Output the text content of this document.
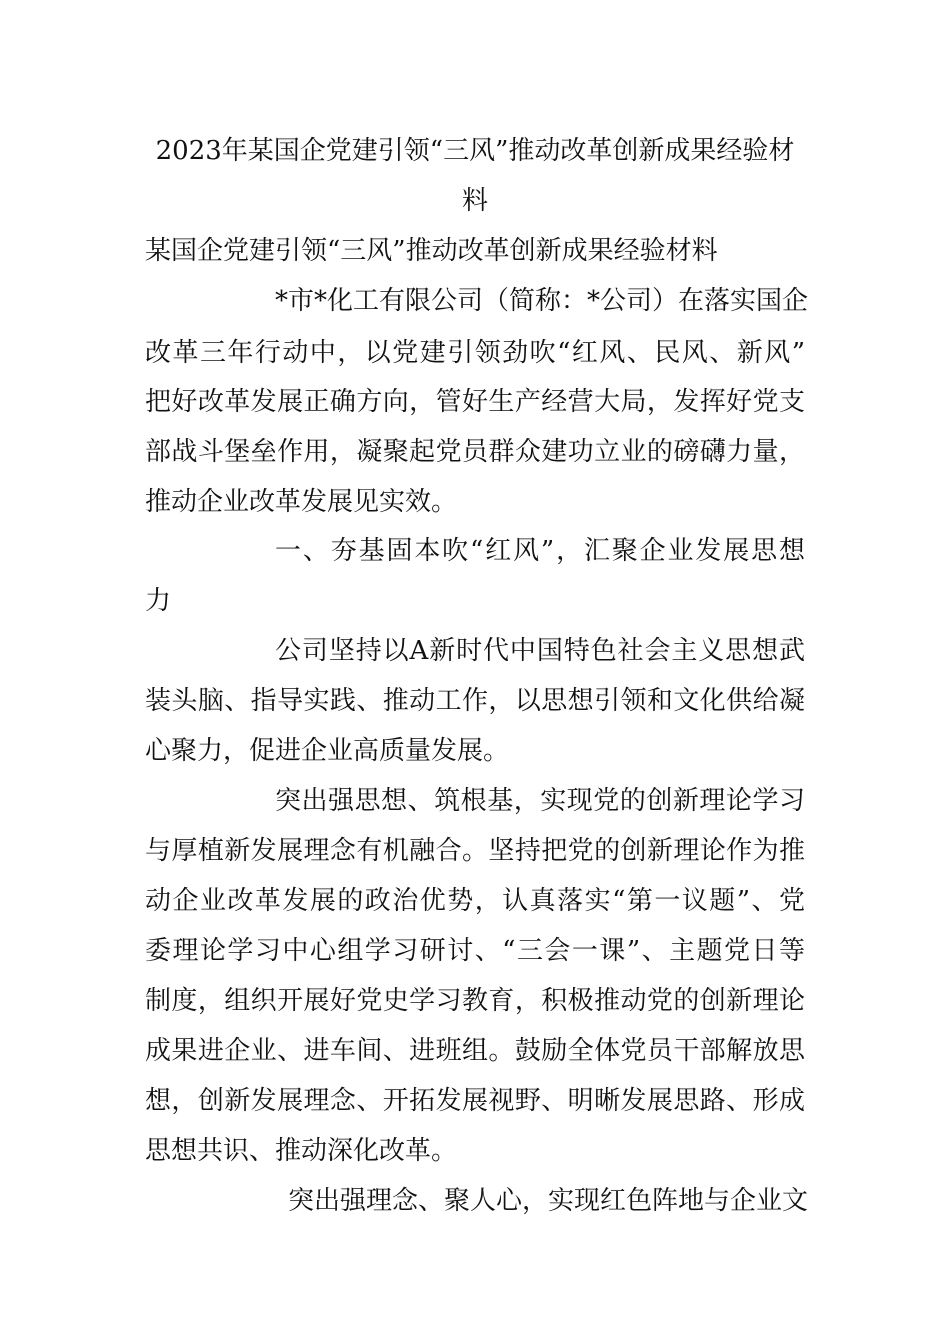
2023年某国企党建引领“三风”推动改革创新成果经验材
料
某国企党建引领“三风”推动改革创新成果经验材料
*市*化工有限公司（简称：*公司）在落实国企
改革三年行动中，以党建引领劲吹“红风、民风、新风”
把好改革发展正确方向，管好生产经营大局，发挥好党支
部战斗堡垒作用，凝聚起党员群众建功立业的磅礴力量，
推动企业改革发展见实效。
一、夯基固本吹“红风”，汇聚企业发展思想
力
公司坚持以A新时代中国特色社会主义思想武
装头脑、指导实践、推动工作，以思想引领和文化供给凝
心聚力，促进企业高质量发展。
突出强思想、筑根基，实现党的创新理论学习
与厚植新发展理念有机融合。坚持把党的创新理论作为推
动企业改革发展的政治优势，认真落实“第一议题”、党
委理论学习中心组学习研讨、“三会一课”、主题党日等
制度，组织开展好党史学习教育，积极推动党的创新理论
成果进企业、进车间、进班组。鼓励全体党员干部解放思
想，创新发展理念、开拓发展视野、明晰发展思路、形成
思想共识、推动深化改革。
突出强理念、聚人心，实现红色阵地与企业文
